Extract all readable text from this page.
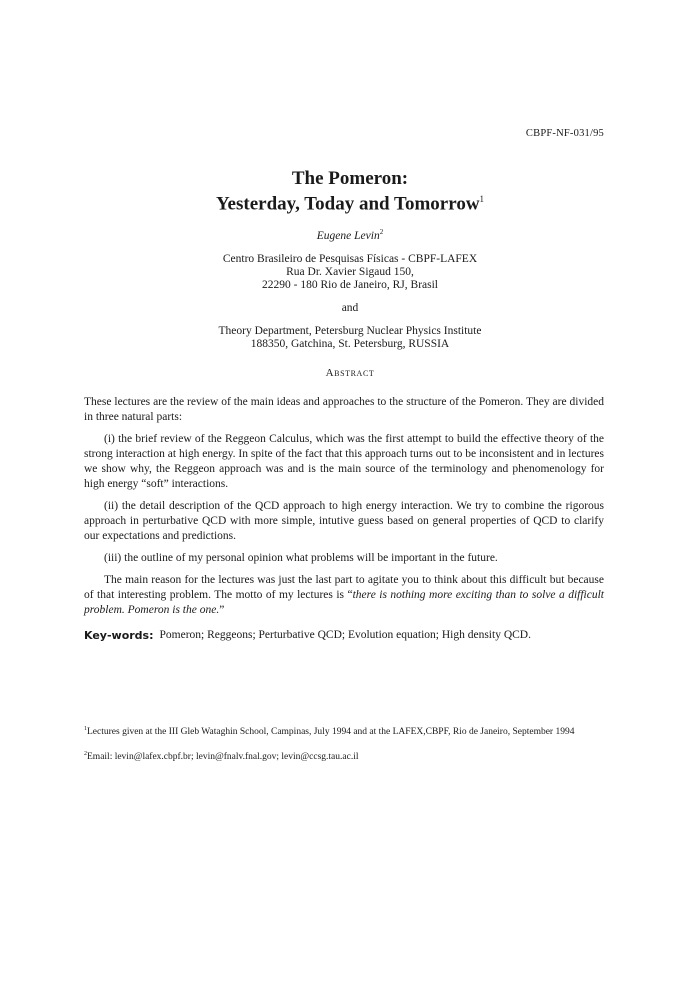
CBPF-NF-031/95
The Pomeron:
Yesterday, Today and Tomorrow$^1$
Eugene Levin$^2$
Centro Brasileiro de Pesquisas Físicas - CBPF-LAFEX
Rua Dr. Xavier Sigaud 150,
22290 - 180 Rio de Janeiro, RJ, Brasil
and
Theory Department, Petersburg Nuclear Physics Institute
188350, Gatchina, St. Petersburg, RUSSIA
Abstract

These lectures are the review of the main ideas and approaches to the structure of the Pomeron. They are divided in three natural parts:

(i) the brief review of the Reggeon Calculus, which was the first attempt to build the effective theory of the strong interaction at high energy. In spite of the fact that this approach turns out to be inconsistent and in lectures we show why, the Reggeon approach was and is the main source of the terminology and phenomenology for high energy “soft” interactions.

(ii) the detail description of the QCD approach to high energy interaction. We try to combine the rigorous approach in perturbative QCD with more simple, intutive guess based on general properties of QCD to clarify our expectations and predictions.

(iii) the outline of my personal opinion what problems will be important in the future.

The main reason for the lectures was just the last part to agitate you to think about this difficult but because of that interesting problem. The motto of my lectures is “there is nothing more exciting than to solve a difficult problem. Pomeron is the one.”

Key-words: Pomeron; Reggeons; Perturbative QCD; Evolution equation; High density QCD.

$^1$Lectures given at the III Gleb Wataghin School, Campinas, July 1994 and at the LAFEX,CBPF, Rio de Janeiro, September 1994

$^2$Email: levin@lafex.cbpf.br; levin@fnalv.fnal.gov; levin@ccsg.tau.ac.il
